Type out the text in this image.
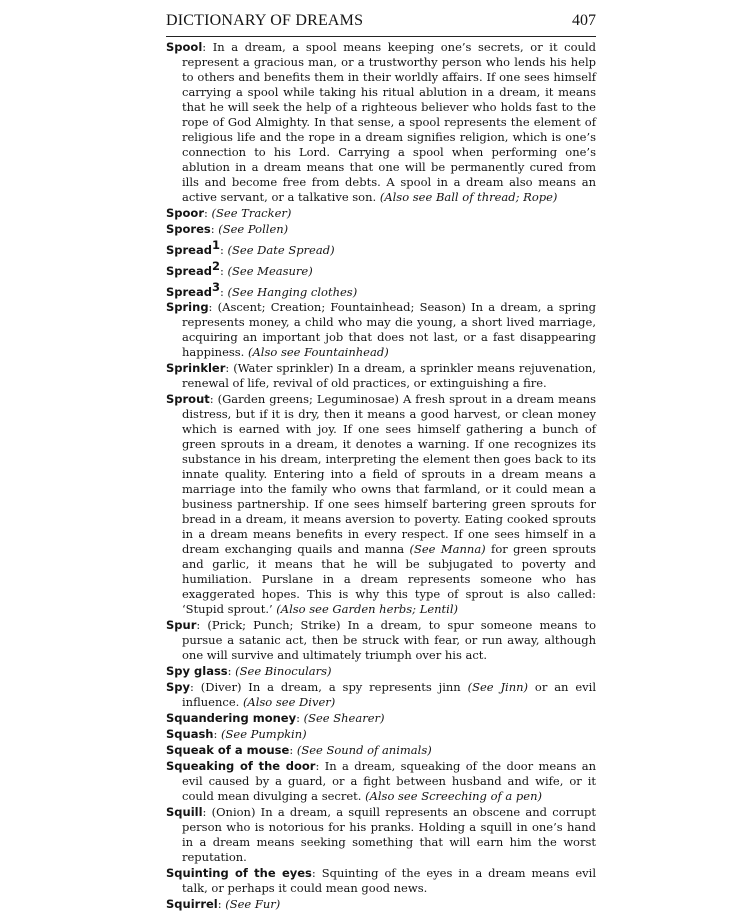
DICTIONARY OF DREAMS	407

Spool: In a dream, a spool means keeping one’s secrets, or it could represent a gracious man, or a trustworthy person who lends his help to others and benefits them in their worldly affairs. If one sees himself carrying a spool while taking his ritual ablution in a dream, it means that he will seek the help of a righteous believer who holds fast to the rope of God Almighty. In that sense, a spool represents the element of religious life and the rope in a dream signifies religion, which is one’s connection to his Lord. Carrying a spool when performing one’s ablution in a dream means that one will be permanently cured from ills and become free from debts. A spool in a dream also means an active servant, or a talkative son. (Also see Ball of thread; Rope)

Spoor: (See Tracker)

Spores: (See Pollen)

Spread$^1$: (See Date Spread)

Spread$^2$: (See Measure)

Spread$^3$: (See Hanging clothes)

Spring: (Ascent; Creation; Fountainhead; Season) In a dream, a spring represents money, a child who may die young, a short lived marriage, acquiring an important job that does not last, or a fast disappearing happiness. (Also see Fountainhead)

Sprinkler: (Water sprinkler) In a dream, a sprinkler means rejuvenation, renewal of life, revival of old practices, or extinguishing a fire.

Sprout: (Garden greens; Leguminosae) A fresh sprout in a dream means distress, but if it is dry, then it means a good harvest, or clean money which is earned with joy. If one sees himself gathering a bunch of green sprouts in a dream, it denotes a warning. If one recognizes its substance in his dream, interpreting the element then goes back to its innate quality. Entering into a field of sprouts in a dream means a marriage into the family who owns that farmland, or it could mean a business partnership. If one sees himself bartering green sprouts for bread in a dream, it means aversion to poverty. Eating cooked sprouts in a dream means benefits in every respect. If one sees himself in a dream exchanging quails and manna (See Manna) for green sprouts and garlic, it means that he will be subjugated to poverty and humiliation. Purslane in a dream represents someone who has exaggerated hopes. This is why this type of sprout is also called: ‘Stupid sprout.’ (Also see Garden herbs; Lentil)

Spur: (Prick; Punch; Strike) In a dream, to spur someone means to pursue a satanic act, then be struck with fear, or run away, although one will survive and ultimately triumph over his act.

Spy glass: (See Binoculars)

Spy: (Diver) In a dream, a spy represents jinn (See Jinn) or an evil influence. (Also see Diver)

Squandering money: (See Shearer)

Squash: (See Pumpkin)

Squeak of a mouse: (See Sound of animals)

Squeaking of the door: In a dream, squeaking of the door means an evil caused by a guard, or a fight between husband and wife, or it could mean divulging a secret. (Also see Screeching of a pen)

Squill: (Onion) In a dream, a squill represents an obscene and corrupt person who is notorious for his pranks. Holding a squill in one’s hand in a dream means seeking something that will earn him the worst reputation.

Squinting of the eyes: Squinting of the eyes in a dream means evil talk, or perhaps it could mean good news.

Squirrel: (See Fur)
